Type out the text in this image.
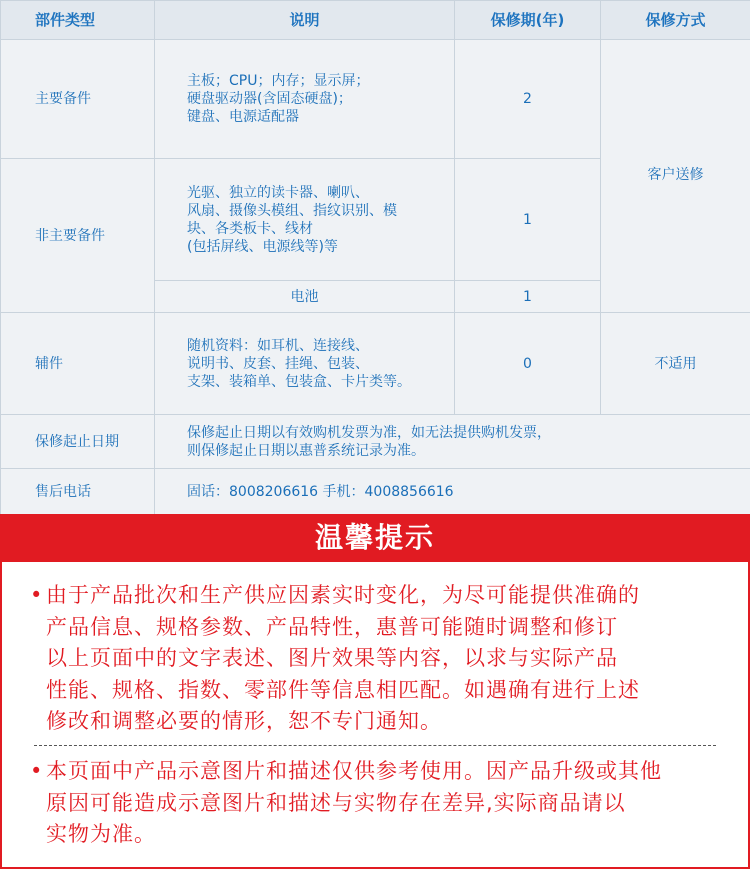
部件类型	说明	保修期(年)	保修方式
主要备件	主板；CPU；内存；显示屏；
硬盘驱动器(含固态硬盘)；
键盘、电源适配器	2	客户送修
非主要备件	光驱、独立的读卡器、喇叭、
风扇、摄像头模组、指纹识别、模
块、各类板卡、线材
(包括屏线、电源线等)等	1	
	电池	1	
辅件	随机资料：如耳机、连接线、
说明书、皮套、挂绳、包装、
支架、装箱单、包装盒、卡片类等。	0	不适用
保修起止日期	保修起止日期以有效购机发票为准，如无法提供购机发票，
则保修起止日期以惠普系统记录为准。		

售后电话	固话：8008206616 手机：4008856616		
温馨提示
• 由于产品批次和生产供应因素实时变化，为尽可能提供准确的
产品信息、规格参数、产品特性，惠普可能随时调整和修订
以上页面中的文字表述、图片效果等内容，以求与实际产品
性能、规格、指数、零部件等信息相匹配。如遇确有进行上述
修改和调整必要的情形，恕不专门通知。
• 本页面中产品示意图片和描述仅供参考使用。因产品升级或其他
原因可能造成示意图片和描述与实物存在差异,实际商品请以
实物为准。
